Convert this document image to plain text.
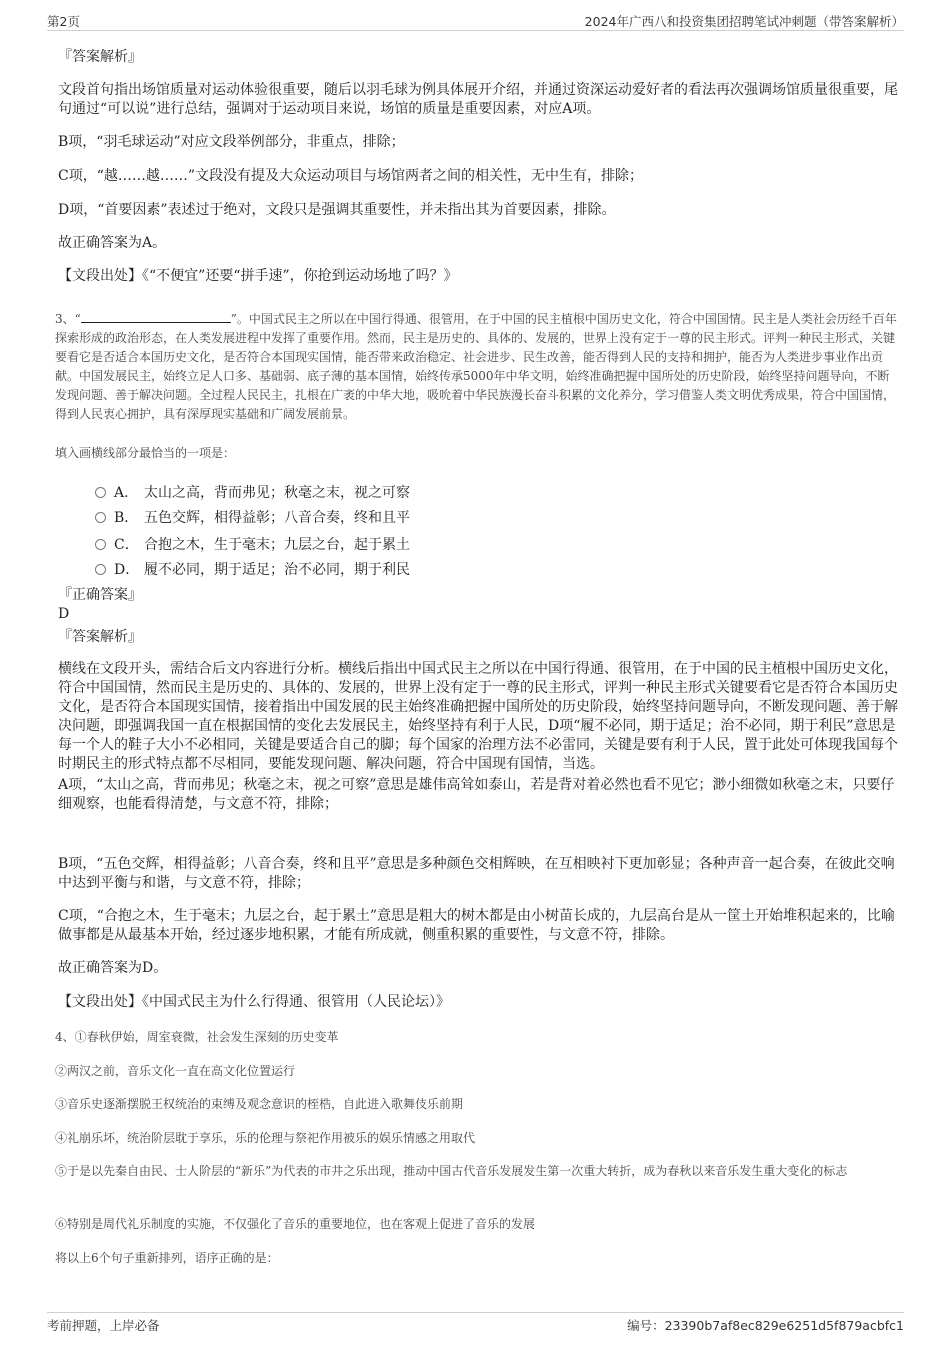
第2页	2024年广西八和投资集团招聘笔试冲刺题（带答案解析）
『答案解析』
文段首句指出场馆质量对运动体验很重要，随后以羽毛球为例具体展开介绍，并通过资深运动爱好者的看法再次强调场馆质量很重要，尾句通过“可以说”进行总结，强调对于运动项目来说，场馆的质量是重要因素，对应A项。
B项，“羽毛球运动”对应文段举例部分，非重点，排除；
C项，“越……越……”文段没有提及大众运动项目与场馆两者之间的相关性，无中生有，排除；
D项，“首要因素”表述过于绝对，文段只是强调其重要性，并未指出其为首要因素，排除。
故正确答案为A。
【文段出处】《“不便宜”还要“拼手速”，你抢到运动场地了吗？》
3、“	”。中国式民主之所以在中国行得通、很管用，在于中国的民主植根中国历史文化，符合中国国情。民主是人类社会历经千百年探索形成的政治形态，在人类发展进程中发挥了重要作用。然而，民主是历史的、具体的、发展的，世界上没有定于一尊的民主形式。评判一种民主形式，关键要看它是否适合本国历史文化，是否符合本国现实国情，能否带来政治稳定、社会进步、民生改善，能否得到人民的支持和拥护，能否为人类进步事业作出贡献。中国发展民主，始终立足人口多、基础弱、底子薄的基本国情，始终传承5000年中华文明，始终准确把握中国所处的历史阶段，始终坚持问题导向，不断发现问题、善于解决问题。全过程人民民主，扎根在广袤的中华大地，吸吮着中华民族漫长奋斗积累的文化养分，学习借鉴人类文明优秀成果，符合中国国情，得到人民衷心拥护，具有深厚现实基础和广阔发展前景。
填入画横线部分最恰当的一项是：
A． 太山之高，背而弗见；秋毫之末，视之可察
B． 五色交辉，相得益彰；八音合奏，终和且平
C． 合抱之木，生于毫末；九层之台，起于累土
D． 履不必同，期于适足；治不必同，期于利民
『正确答案』
D
『答案解析』
横线在文段开头，需结合后文内容进行分析。横线后指出中国式民主之所以在中国行得通、很管用，在于中国的民主植根中国历史文化，符合中国国情，然而民主是历史的、具体的、发展的，世界上没有定于一尊的民主形式，评判一种民主形式关键要看它是否符合本国历史文化，是否符合本国现实国情，接着指出中国发展的民主始终准确把握中国所处的历史阶段，始终坚持问题导向，不断发现问题、善于解决问题，即强调我国一直在根据国情的变化去发展民主，始终坚持有利于人民，D项“履不必同，期于适足；治不必同，期于利民”意思是每一个人的鞋子大小不必相同，关键是要适合自己的脚；每个国家的治理方法不必雷同，关键是要有利于人民，置于此处可体现我国每个时期民主的形式特点都不尽相同，要能发现问题、解决问题，符合中国现有国情，当选。
A项，“太山之高，背而弗见；秋毫之末，视之可察”意思是雄伟高耸如泰山，若是背对着必然也看不见它；渺小细微如秋毫之末，只要仔细观察，也能看得清楚，与文意不符，排除；
B项，“五色交辉，相得益彰；八音合奏，终和且平”意思是多种颜色交相辉映，在互相映衬下更加彰显；各种声音一起合奏，在彼此交响中达到平衡与和谐，与文意不符，排除；
C项，“合抱之木，生于毫末；九层之台，起于累土”意思是粗大的树木都是由小树苗长成的，九层高台是从一筐土开始堆积起来的，比喻做事都是从最基本开始，经过逐步地积累，才能有所成就，侧重积累的重要性，与文意不符，排除。
故正确答案为D。
【文段出处】《中国式民主为什么行得通、很管用（人民论坛）》
4、①春秋伊始，周室衰微，社会发生深刻的历史变革
②两汉之前，音乐文化一直在高文化位置运行
③音乐史逐渐摆脱王权统治的束缚及观念意识的桎梏，自此进入歌舞伎乐前期
④礼崩乐坏，统治阶层耽于享乐，乐的伦理与祭祀作用被乐的娱乐情感之用取代
⑤于是以先秦自由民、士人阶层的“新乐”为代表的市井之乐出现，推动中国古代音乐发展发生第一次重大转折，成为春秋以来音乐发生重大变化的标志
⑥特别是周代礼乐制度的实施，不仅强化了音乐的重要地位，也在客观上促进了音乐的发展
将以上6个句子重新排列，语序正确的是：
考前押题，上岸必备	编号：23390b7af8ec829e6251d5f879acbfc1
